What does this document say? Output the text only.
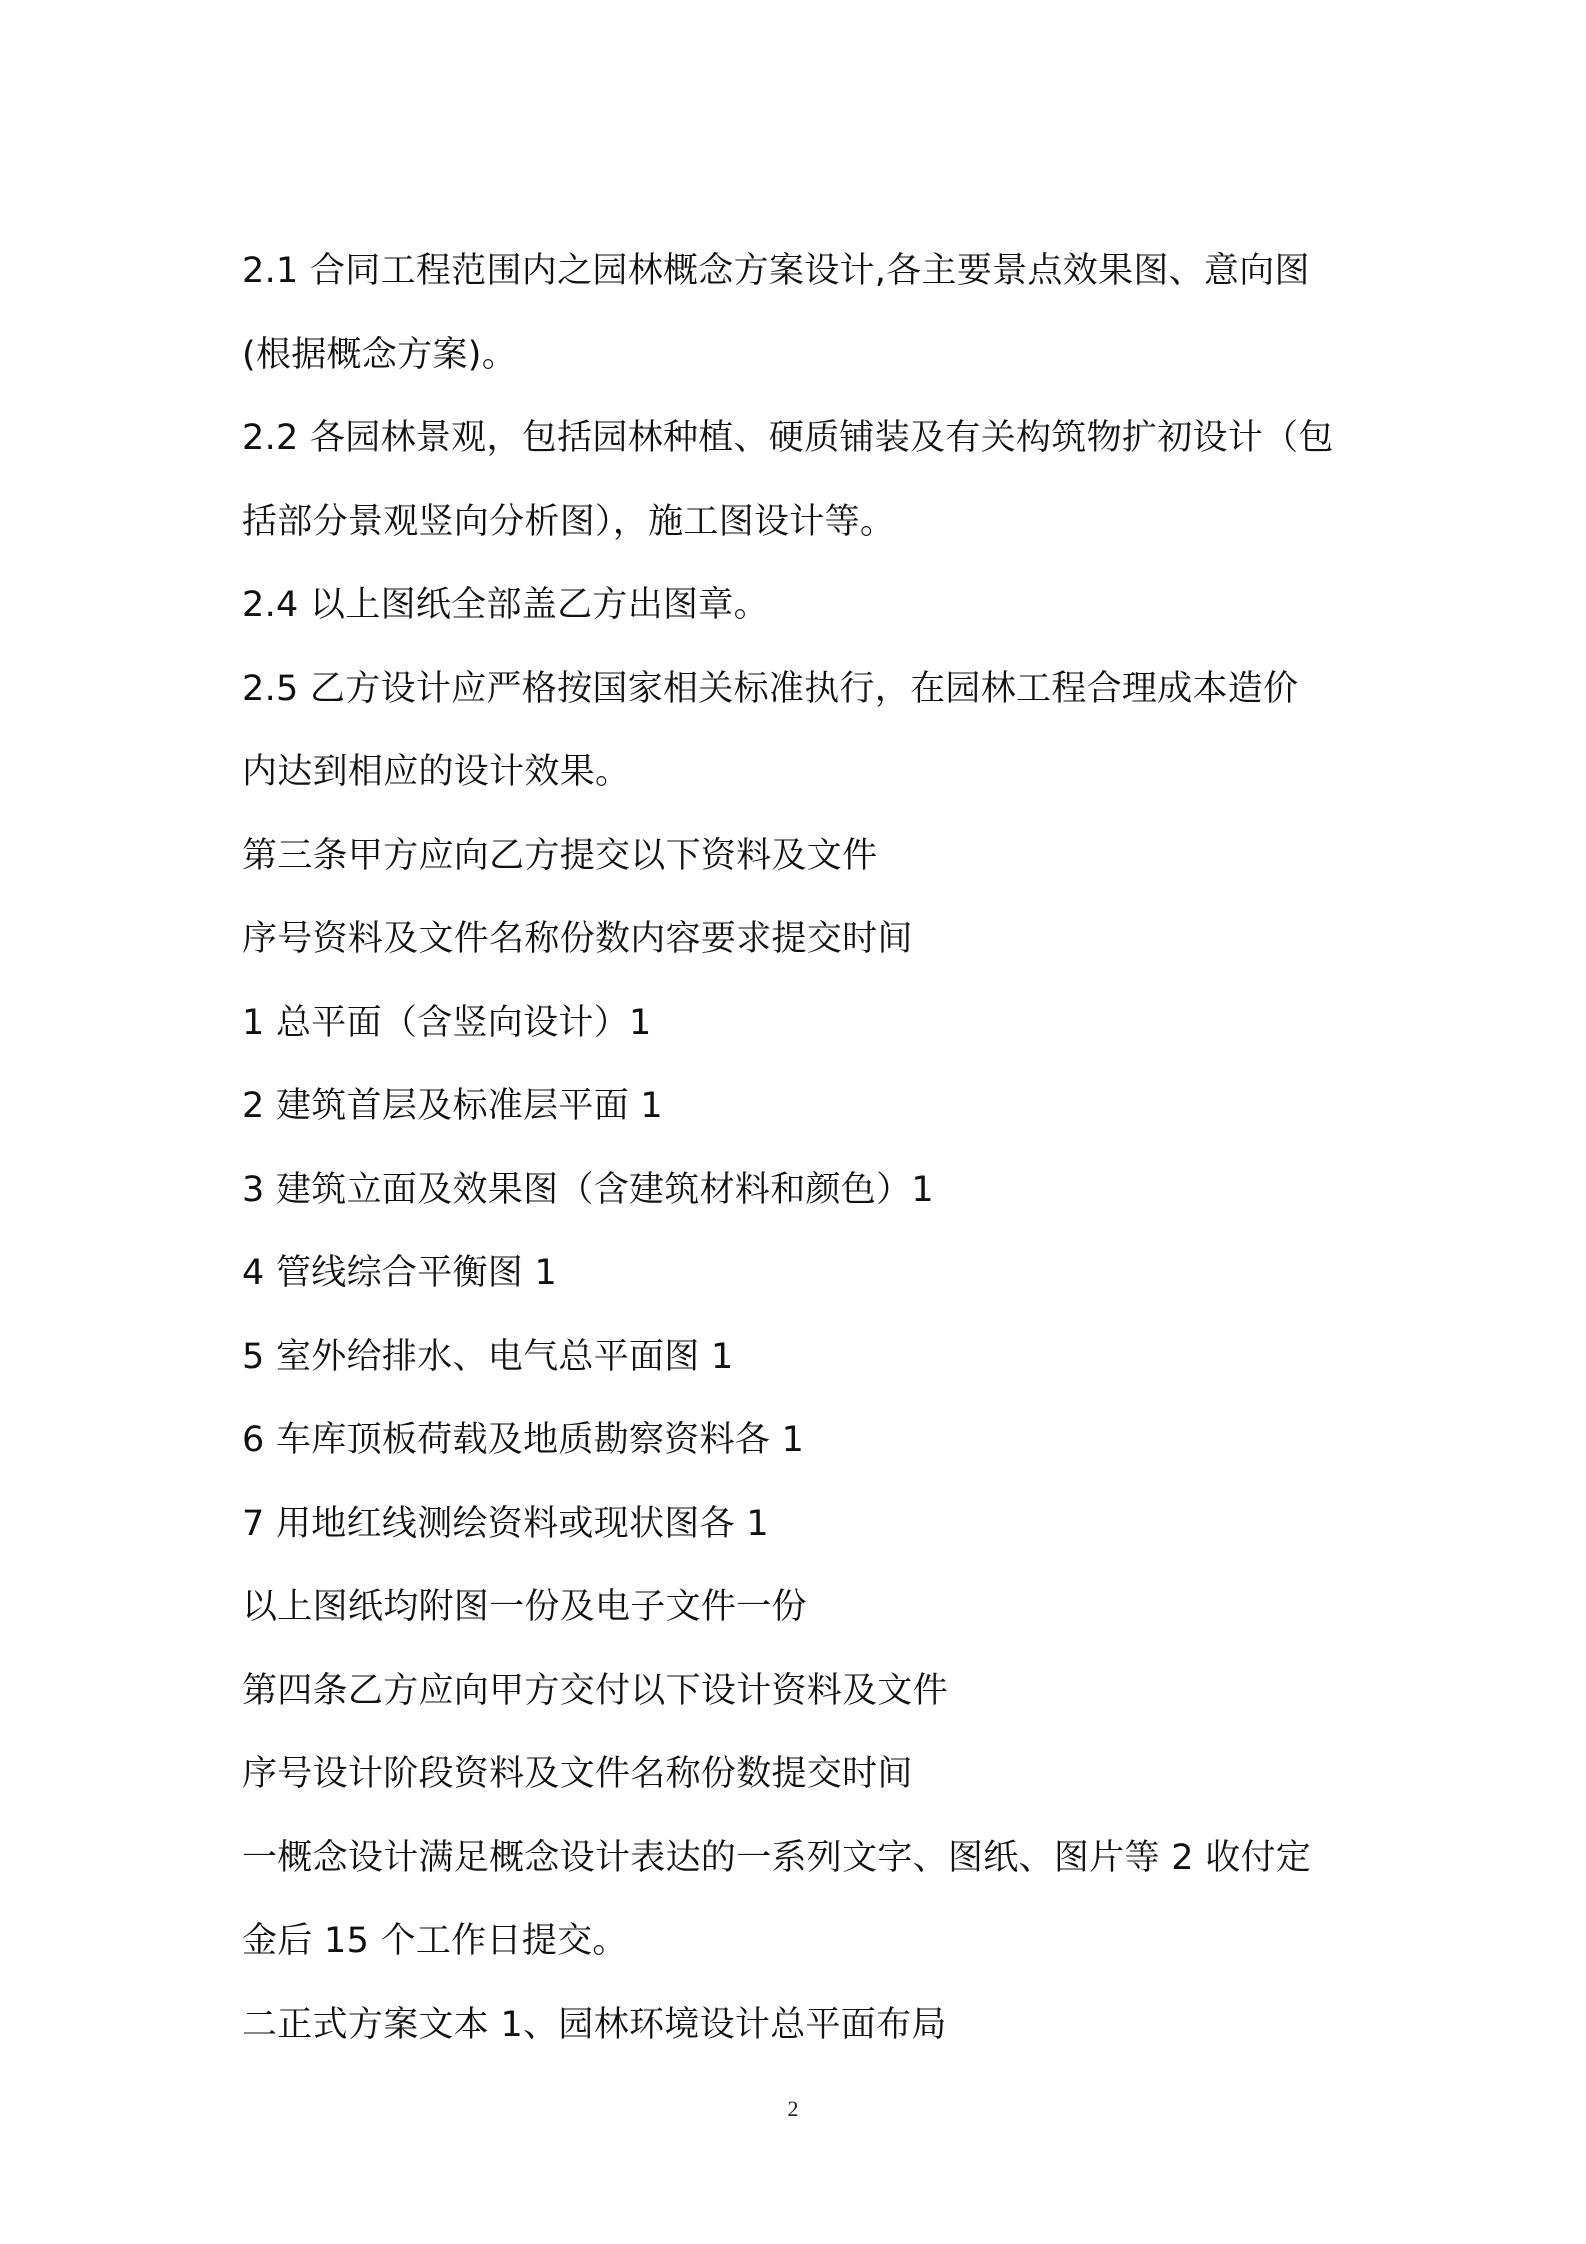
2.1 合同工程范围内之园林概念方案设计,各主要景点效果图、意向图
(根据概念方案)。
2.2 各园林景观，包括园林种植、硬质铺装及有关构筑物扩初设计（包
括部分景观竖向分析图），施工图设计等。
2.4 以上图纸全部盖乙方出图章。
2.5 乙方设计应严格按国家相关标准执行，在园林工程合理成本造价
内达到相应的设计效果。
第三条甲方应向乙方提交以下资料及文件
序号资料及文件名称份数内容要求提交时间
1 总平面（含竖向设计）1
2 建筑首层及标准层平面 1
3 建筑立面及效果图（含建筑材料和颜色）1
4 管线综合平衡图 1
5 室外给排水、电气总平面图 1
6 车库顶板荷载及地质勘察资料各 1
7 用地红线测绘资料或现状图各 1
以上图纸均附图一份及电子文件一份
第四条乙方应向甲方交付以下设计资料及文件
序号设计阶段资料及文件名称份数提交时间
一概念设计满足概念设计表达的一系列文字、图纸、图片等 2 收付定
金后 15 个工作日提交。
二正式方案文本 1、园林环境设计总平面布局
2
